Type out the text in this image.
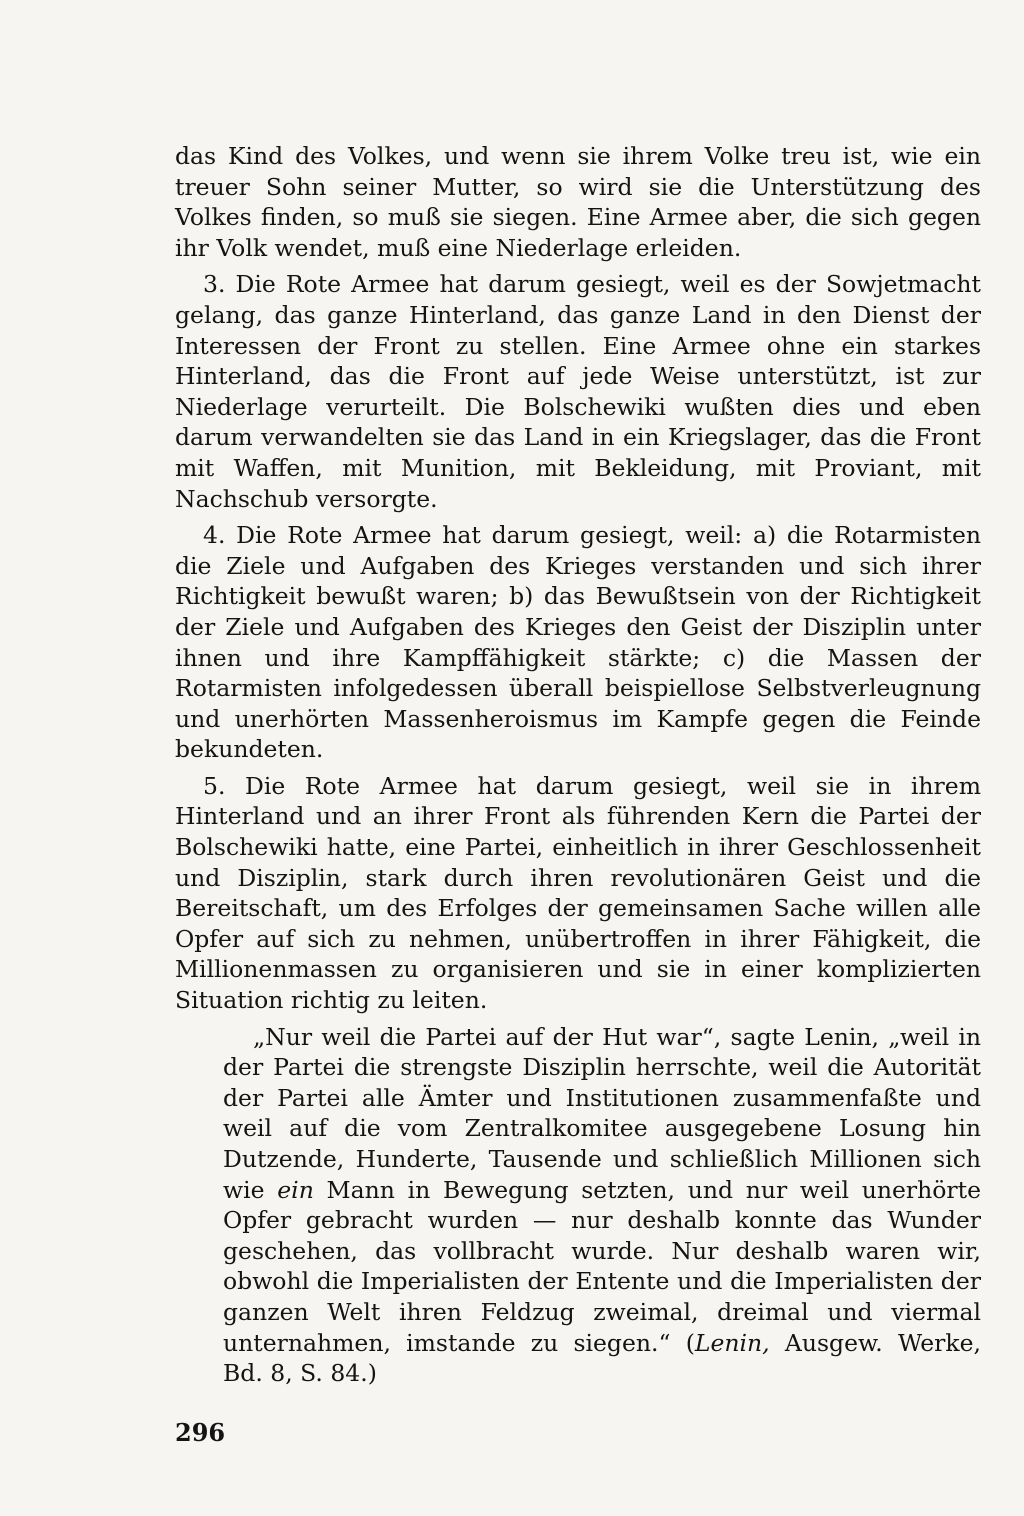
das Kind des Volkes, und wenn sie ihrem Volke treu ist, wie ein treuer Sohn seiner Mutter, so wird sie die Unterstützung des Volkes finden, so muß sie siegen. Eine Armee aber, die sich gegen ihr Volk wendet, muß eine Niederlage erleiden.

3. Die Rote Armee hat darum gesiegt, weil es der Sowjetmacht gelang, das ganze Hinterland, das ganze Land in den Dienst der Interessen der Front zu stellen. Eine Armee ohne ein starkes Hinterland, das die Front auf jede Weise unterstützt, ist zur Niederlage verurteilt. Die Bolschewiki wußten dies und eben darum verwandelten sie das Land in ein Kriegslager, das die Front mit Waffen, mit Munition, mit Bekleidung, mit Proviant, mit Nachschub versorgte.

4. Die Rote Armee hat darum gesiegt, weil: a) die Rotarmisten die Ziele und Aufgaben des Krieges verstanden und sich ihrer Richtigkeit bewußt waren; b) das Bewußtsein von der Richtigkeit der Ziele und Aufgaben des Krieges den Geist der Disziplin unter ihnen und ihre Kampffähigkeit stärkte; c) die Massen der Rotarmisten infolgedessen überall beispiellose Selbstverleugnung und unerhörten Massenheroismus im Kampfe gegen die Feinde bekundeten.

5. Die Rote Armee hat darum gesiegt, weil sie in ihrem Hinterland und an ihrer Front als führenden Kern die Partei der Bolschewiki hatte, eine Partei, einheitlich in ihrer Geschlossenheit und Disziplin, stark durch ihren revolutionären Geist und die Bereitschaft, um des Erfolges der gemeinsamen Sache willen alle Opfer auf sich zu nehmen, unübertroffen in ihrer Fähigkeit, die Millionenmassen zu organisieren und sie in einer komplizierten Situation richtig zu leiten.

„Nur weil die Partei auf der Hut war“, sagte Lenin, „weil in der Partei die strengste Disziplin herrschte, weil die Autorität der Partei alle Ämter und Institutionen zusammenfaßte und weil auf die vom Zentralkomitee ausgegebene Losung hin Dutzende, Hunderte, Tausende und schließlich Millionen sich wie ein Mann in Bewegung setzten, und nur weil unerhörte Opfer gebracht wurden — nur deshalb konnte das Wunder geschehen, das vollbracht wurde. Nur deshalb waren wir, obwohl die Imperialisten der Entente und die Imperialisten der ganzen Welt ihren Feldzug zweimal, dreimal und viermal unternahmen, imstande zu siegen.“ (Lenin, Ausgew. Werke, Bd. 8, S. 84.)

296
